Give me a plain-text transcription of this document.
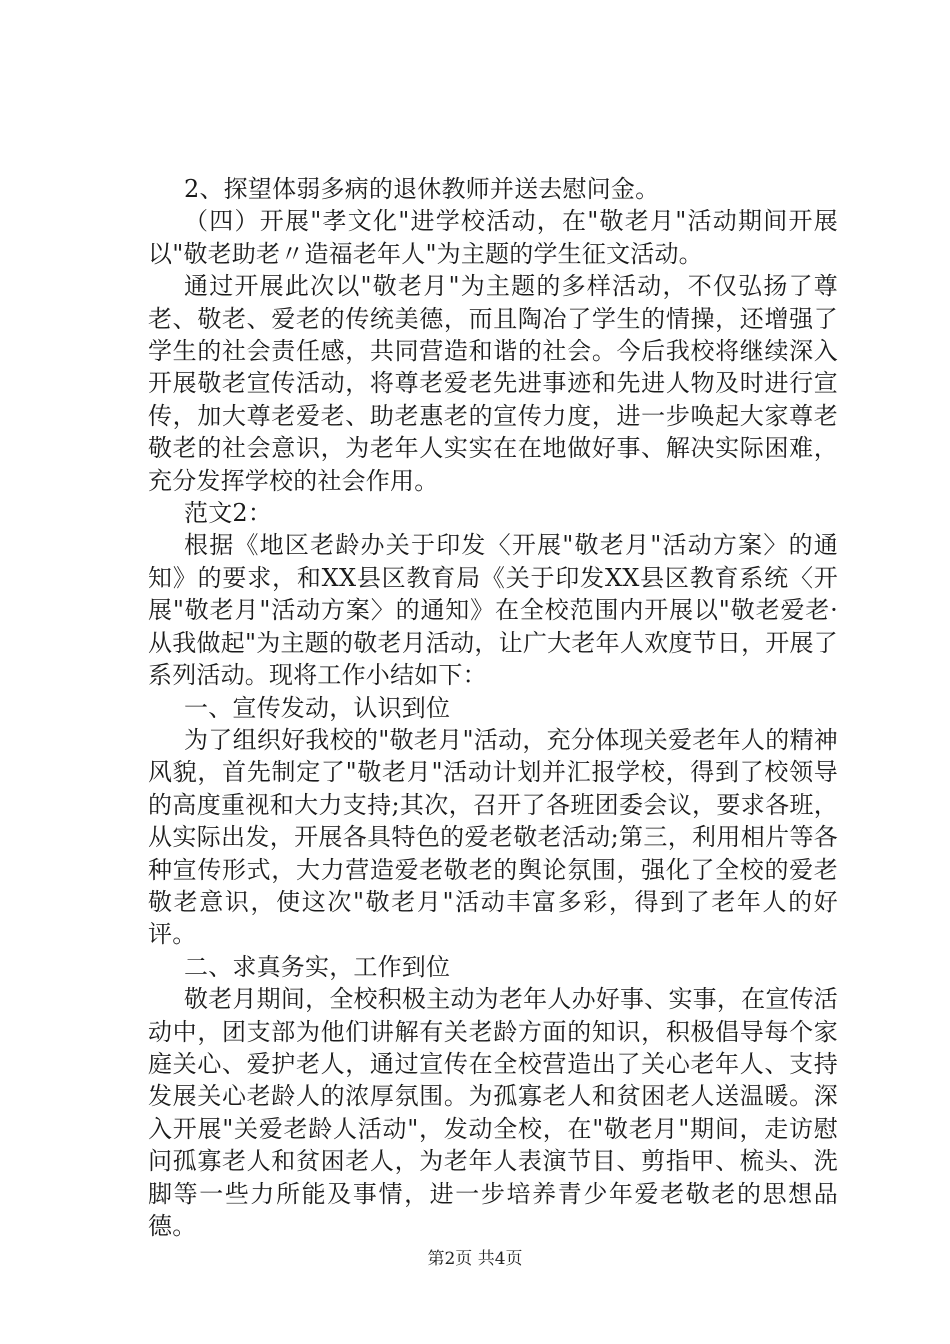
2、探望体弱多病的退休教师并送去慰问金。

（四）开展"孝文化"进学校活动，在"敬老月"活动期间开展以"敬老助老〃造福老年人"为主题的学生征文活动。

通过开展此次以"敬老月"为主题的多样活动，不仅弘扬了尊老、敬老、爱老的传统美德，而且陶冶了学生的情操，还增强了学生的社会责任感，共同营造和谐的社会。今后我校将继续深入开展敬老宣传活动，将尊老爱老先进事迹和先进人物及时进行宣传，加大尊老爱老、助老惠老的宣传力度，进一步唤起大家尊老敬老的社会意识，为老年人实实在在地做好事、解决实际困难，充分发挥学校的社会作用。

范文2：

根据《地区老龄办关于印发〈开展"敬老月"活动方案〉的通知》的要求，和XX县区教育局《关于印发XX县区教育系统〈开展"敬老月"活动方案〉的通知》在全校范围内开展以"敬老爱老·从我做起"为主题的敬老月活动，让广大老年人欢度节日，开展了系列活动。现将工作小结如下：

一、宣传发动，认识到位

为了组织好我校的"敬老月"活动，充分体现关爱老年人的精神风貌，首先制定了"敬老月"活动计划并汇报学校，得到了校领导的高度重视和大力支持;其次，召开了各班团委会议，要求各班，从实际出发，开展各具特色的爱老敬老活动;第三，利用相片等各种宣传形式，大力营造爱老敬老的舆论氛围，强化了全校的爱老敬老意识，使这次"敬老月"活动丰富多彩，得到了老年人的好评。

二、求真务实，工作到位

敬老月期间，全校积极主动为老年人办好事、实事，在宣传活动中，团支部为他们讲解有关老龄方面的知识，积极倡导每个家庭关心、爱护老人，通过宣传在全校营造出了关心老年人、支持发展关心老龄人的浓厚氛围。为孤寡老人和贫困老人送温暖。深入开展"关爱老龄人活动"，发动全校，在"敬老月"期间，走访慰问孤寡老人和贫困老人，为老年人表演节目、剪指甲、梳头、洗脚等一些力所能及事情，进一步培养青少年爱老敬老的思想品德。

第2页 共4页
